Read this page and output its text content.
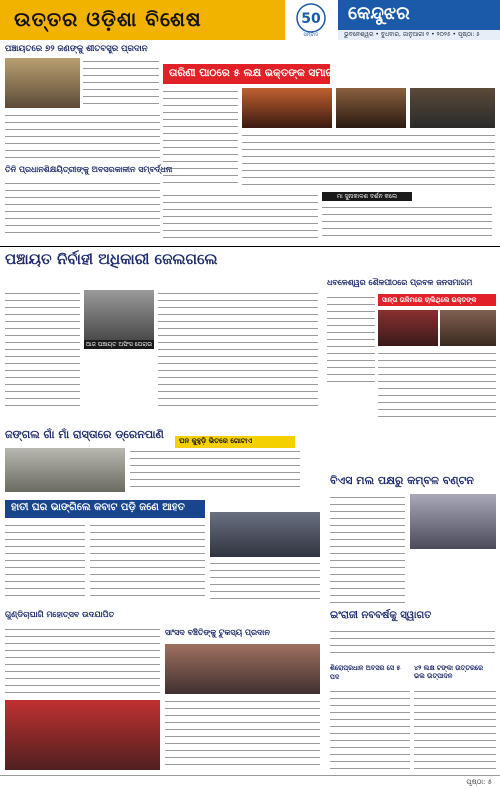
ଉତ୍ତର ଓଡ଼ିଶା ବିଶେଷ	50
ସମ୍ବାଦ
କେନ୍ଦୁଝର
ଭୁବନେଶ୍ୱର • ବୁଧବାର, ଜାନୁଆରୀ ୧ • ୨୦୨୫ • ପୃଷ୍ଠା: ୫
ପଞ୍ଚାୟତରେ ୭୨ ଜଣଙ୍କୁ ଶୀତବସ୍ତ୍ର ପ୍ରଦାନ
ତାରିଣୀ ପାଠରେ ୫ ଲକ୍ଷ ଭକ୍ତଙ୍କ ସମାଗମ
ତିନି ପ୍ରଧାନଶିକ୍ଷୟିତ୍ରୀଙ୍କୁ ଅବସରକାଳୀନ ସମ୍ବର୍ଦ୍ଧନା
ମା ସୁନାକାଳଶ ଦର୍ଶନ କଲେ
ପଞ୍ଚାୟତ ନିର୍ବାହୀ ଅଧିକାରୀ ଜେଲଗଲେ
ଆଜ ପଞ୍ଚାୟତ ଅଫିସ ଘେରାଉ
ଧବଳେଶ୍ୱର ଶୈଳପୀଠରେ ପ୍ରବଳ ଜନସମାଗମ
ସାନ୍ତା ତାଳିମରେ ଚାଲିଥିଲେ ଭକ୍ତଙ୍କ
ଜଙ୍ଗଲ ଗାଁ ମାଁ ରାସ୍ତାରେ ଡ୍ରେନପାଣି	ଘନ କୁହୁଡ଼ି ଭିତରେ ଗୋଟାଏ
ବିଏସ ମଲ ପକ୍ଷରୁ କମ୍ବଳ ବଣ୍ଟନ
ହାତୀ ଘର ଭାଙ୍ଗିଲେ କବାଟ ପଡ଼ି ଜଣେ ଆହତ
ଇଂରାଜୀ ନବବର୍ଷକୁ ସ୍ୱାଗତ
ଗୁଣ୍ଡିଚାଘାଗି ମହୋତ୍ସବ ଉଦଯାପିତ
ସାଂସଦ ବଞ୍ଚିତିଙ୍କୁ ଟୁକସ୍ୟ ପ୍ରଦାନ
ଶିରୋପ୍ରଧାନ ଅବସର ସେ ୫ ପଦ
୪୨ ଲକ୍ଷ ଟଙ୍କା ଉତ୍ତରରେ ଭଲ ଉତ୍ପାଦନ
ପୃଷ୍ଠା: ୫
